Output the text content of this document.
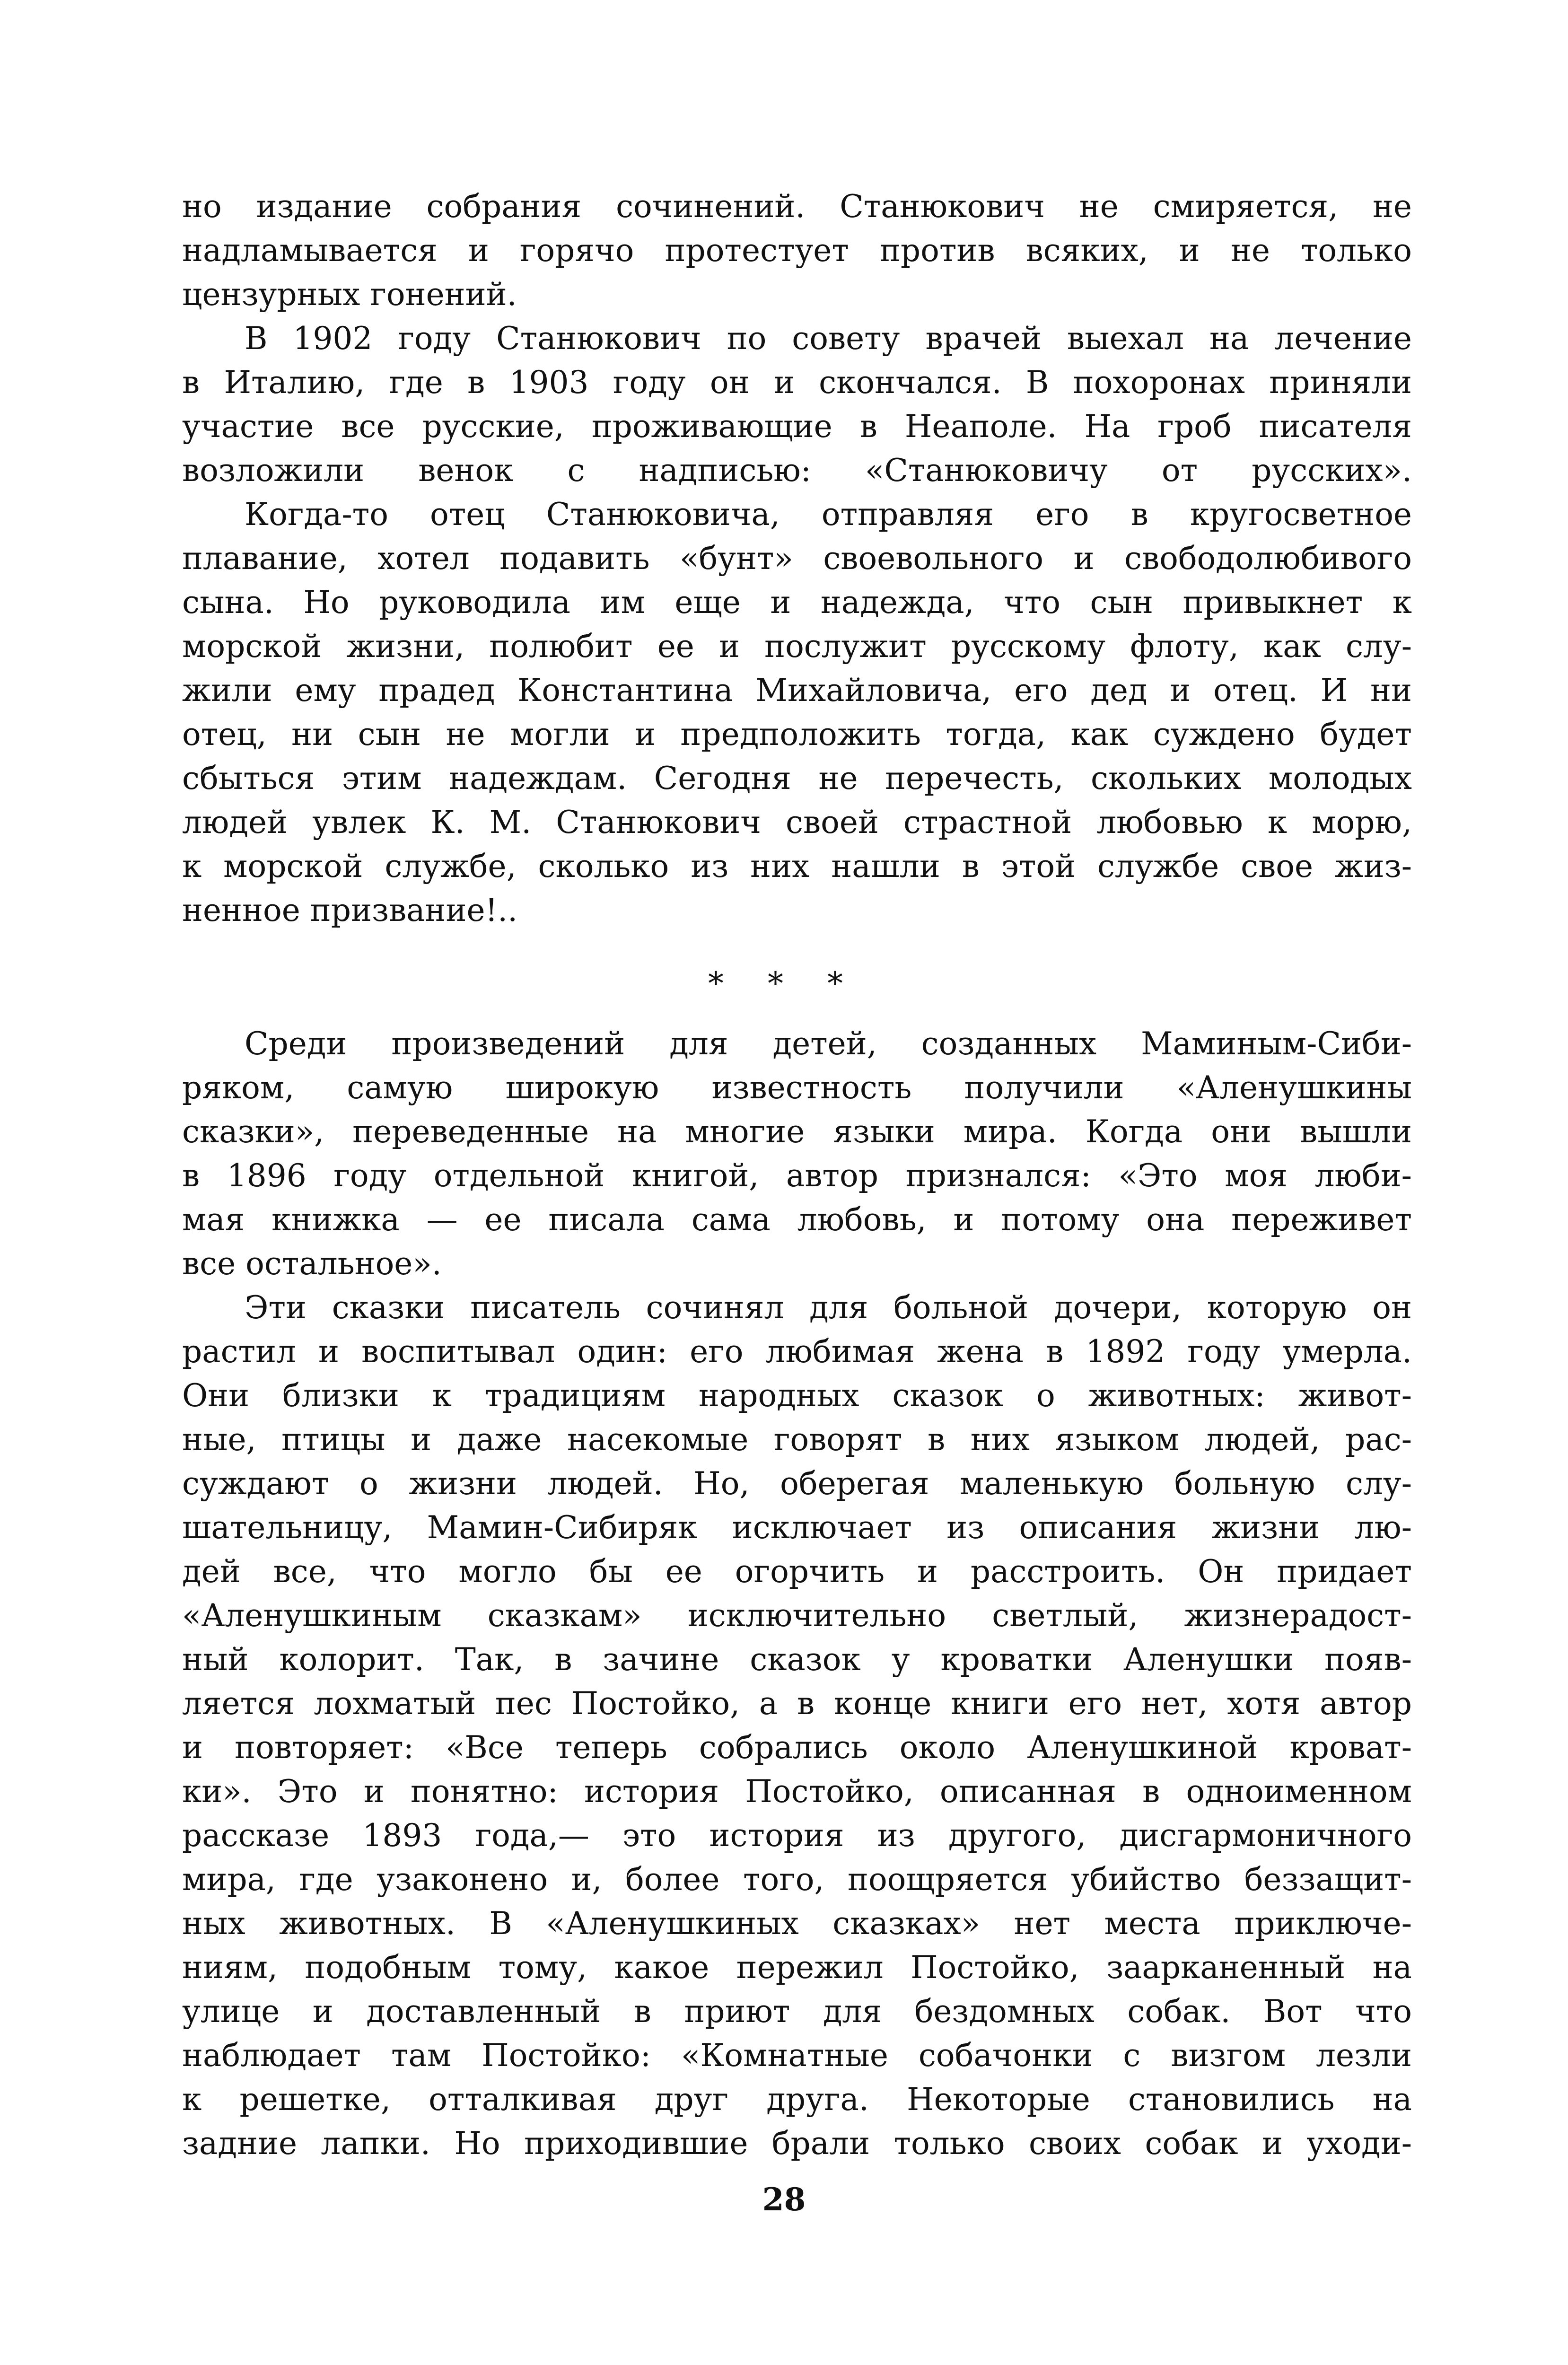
но издание собрания сочинений. Станюкович не смиряется, не
надламывается и горячо протестует против всяких, и не только
цензурных гонений.
В 1902 году Станюкович по совету врачей выехал на лечение
в Италию, где в 1903 году он и скончался. В похоронах приняли
участие все русские, проживающие в Неаполе. На гроб писателя
возложили венок с надписью: «Станюковичу от русских».
Когда-то отец Станюковича, отправляя его в кругосветное
плавание, хотел подавить «бунт» своевольного и свободолюбивого
сына. Но руководила им еще и надежда, что сын привыкнет к
морской жизни, полюбит ее и послужит русскому флоту, как слу-
жили ему прадед Константина Михайловича, его дед и отец. И ни
отец, ни сын не могли и предположить тогда, как суждено будет
сбыться этим надеждам. Сегодня не перечесть, скольких молодых
людей увлек К. М. Станюкович своей страстной любовью к морю,
к морской службе, сколько из них нашли в этой службе свое жиз-
ненное призвание!..
* * *
Среди произведений для детей, созданных Маминым-Сиби-
ряком, самую широкую известность получили «Аленушкины
сказки», переведенные на многие языки мира. Когда они вышли
в 1896 году отдельной книгой, автор признался: «Это моя люби-
мая книжка — ее писала сама любовь, и потому она переживет
все остальное».
Эти сказки писатель сочинял для больной дочери, которую он
растил и воспитывал один: его любимая жена в 1892 году умерла.
Они близки к традициям народных сказок о животных: живот-
ные, птицы и даже насекомые говорят в них языком людей, рас-
суждают о жизни людей. Но, оберегая маленькую больную слу-
шательницу, Мамин-Сибиряк исключает из описания жизни лю-
дей все, что могло бы ее огорчить и расстроить. Он придает
«Аленушкиным сказкам» исключительно светлый, жизнерадост-
ный колорит. Так, в зачине сказок у кроватки Аленушки появ-
ляется лохматый пес Постойко, а в конце книги его нет, хотя автор
и повторяет: «Все теперь собрались около Аленушкиной кроват-
ки». Это и понятно: история Постойко, описанная в одноименном
рассказе 1893 года,— это история из другого, дисгармоничного
мира, где узаконено и, более того, поощряется убийство беззащит-
ных животных. В «Аленушкиных сказках» нет места приключе-
ниям, подобным тому, какое пережил Постойко, заарканенный на
улице и доставленный в приют для бездомных собак. Вот что
наблюдает там Постойко: «Комнатные собачонки с визгом лезли
к решетке, отталкивая друг друга. Некоторые становились на
задние лапки. Но приходившие брали только своих собак и уходи-
28
